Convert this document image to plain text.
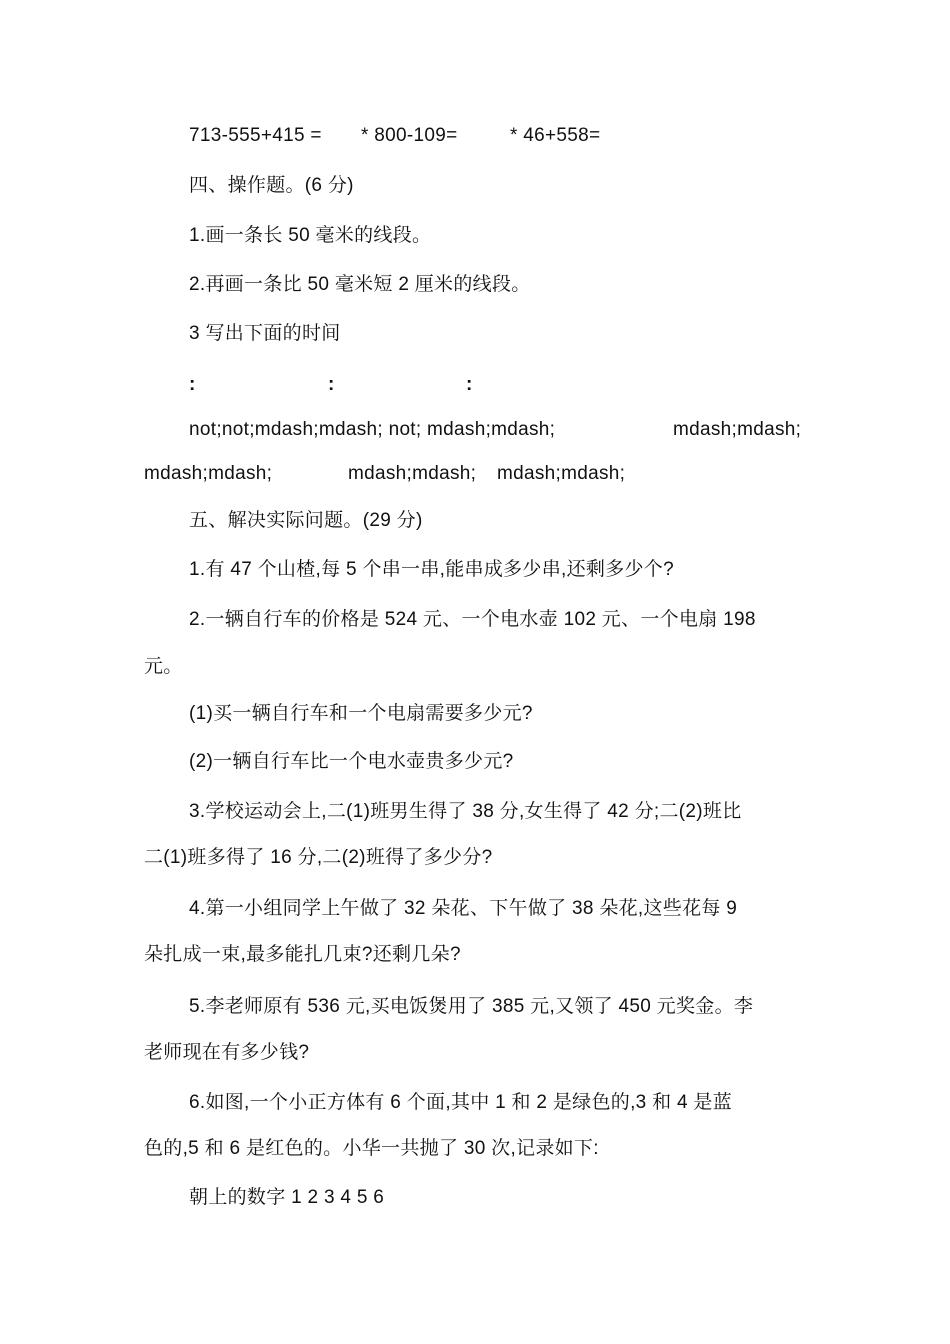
713-555+415 = * 800-109=	* 46+558=
四、操作题。(6 分)
1.画一条长 50 毫米的线段。
2.再画一条比 50 毫米短 2 厘米的线段。
3 写出下面的时间
:	:	:
not;not;mdash;mdash; not; mdash;mdash;	mdash;mdash;
mdash;mdash;	mdash;mdash; mdash;mdash;
五、解决实际问题。(29 分)
1.有 47 个山楂,每 5 个串一串,能串成多少串,还剩多少个?
2.一辆自行车的价格是 524 元、一个电水壶 102 元、一个电扇 198
元。
(1)买一辆自行车和一个电扇需要多少元?
(2)一辆自行车比一个电水壶贵多少元?
3.学校运动会上,二(1)班男生得了 38 分,女生得了 42 分;二(2)班比
二(1)班多得了 16 分,二(2)班得了多少分?
4.第一小组同学上午做了 32 朵花、下午做了 38 朵花,这些花每 9
朵扎成一束,最多能扎几束?还剩几朵?
5.李老师原有 536 元,买电饭煲用了 385 元,又领了 450 元奖金。李
老师现在有多少钱?
6.如图,一个小正方体有 6 个面,其中 1 和 2 是绿色的,3 和 4 是蓝
色的,5 和 6 是红色的。小华一共抛了 30 次,记录如下:
朝上的数字 1 2 3 4 5 6
